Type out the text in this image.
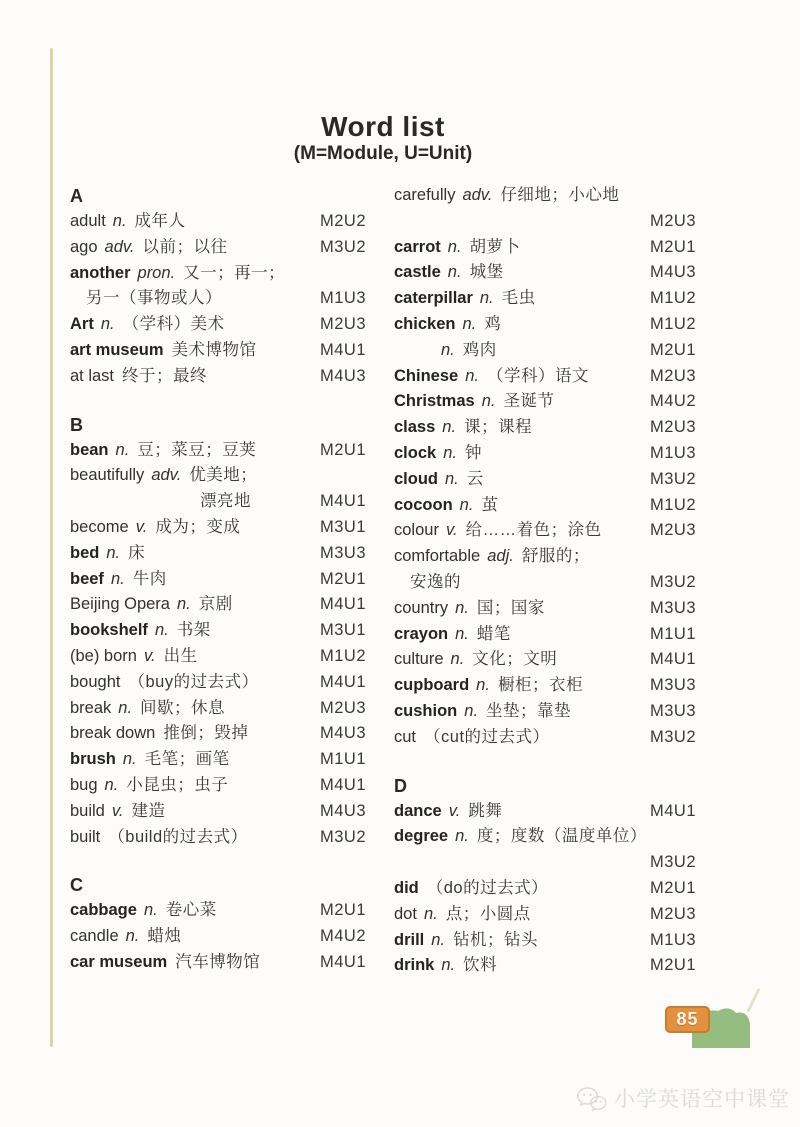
Word list
(M=Module, U=Unit)
A
adult n. 成年人	M2U2
ago adv. 以前；以往	M3U2
another pron. 又一；再一；
另一（事物或人）	M1U3
Art n. （学科）美术	M2U3
art museum 美术博物馆	M4U1
at last 终于；最终	M4U3
B
bean n. 豆；菜豆；豆荚	M2U1
beautifully adv. 优美地；
漂亮地	M4U1
become v. 成为；变成	M3U1
bed n. 床	M3U3
beef n. 牛肉	M2U1
Beijing Opera n. 京剧	M4U1
bookshelf n. 书架	M3U1
(be) born v. 出生	M1U2
bought （buy的过去式）	M4U1
break n. 间歇；休息	M2U3
break down 推倒；毁掉	M4U3
brush n. 毛笔；画笔	M1U1
bug n. 小昆虫；虫子	M4U1
build v. 建造	M4U3
built （build的过去式）	M3U2
C
cabbage n. 卷心菜	M2U1
candle n. 蜡烛	M4U2
car museum 汽车博物馆	M4U1
carefully adv. 仔细地；小心地
M2U3
carrot n. 胡萝卜	M2U1
castle n. 城堡	M4U3
caterpillar n. 毛虫	M1U2
chicken n. 鸡	M1U2
n. 鸡肉	M2U1
Chinese n. （学科）语文	M2U3
Christmas n. 圣诞节	M4U2
class n. 课；课程	M2U3
clock n. 钟	M1U3
cloud n. 云	M3U2
cocoon n. 茧	M1U2
colour v. 给……着色；涂色	M2U3
comfortable adj. 舒服的；
安逸的	M3U2
country n. 国；国家	M3U3
crayon n. 蜡笔	M1U1
culture n. 文化；文明	M4U1
cupboard n. 橱柜；衣柜	M3U3
cushion n. 坐垫；靠垫	M3U3
cut （cut的过去式）	M3U2
D
dance v. 跳舞	M4U1
degree n. 度；度数（温度单位）
M3U2
did （do的过去式）	M2U1
dot n. 点；小圆点	M2U3
drill n. 钻机；钻头	M1U3
drink n. 饮料	M2U1
85
小学英语空中课堂
